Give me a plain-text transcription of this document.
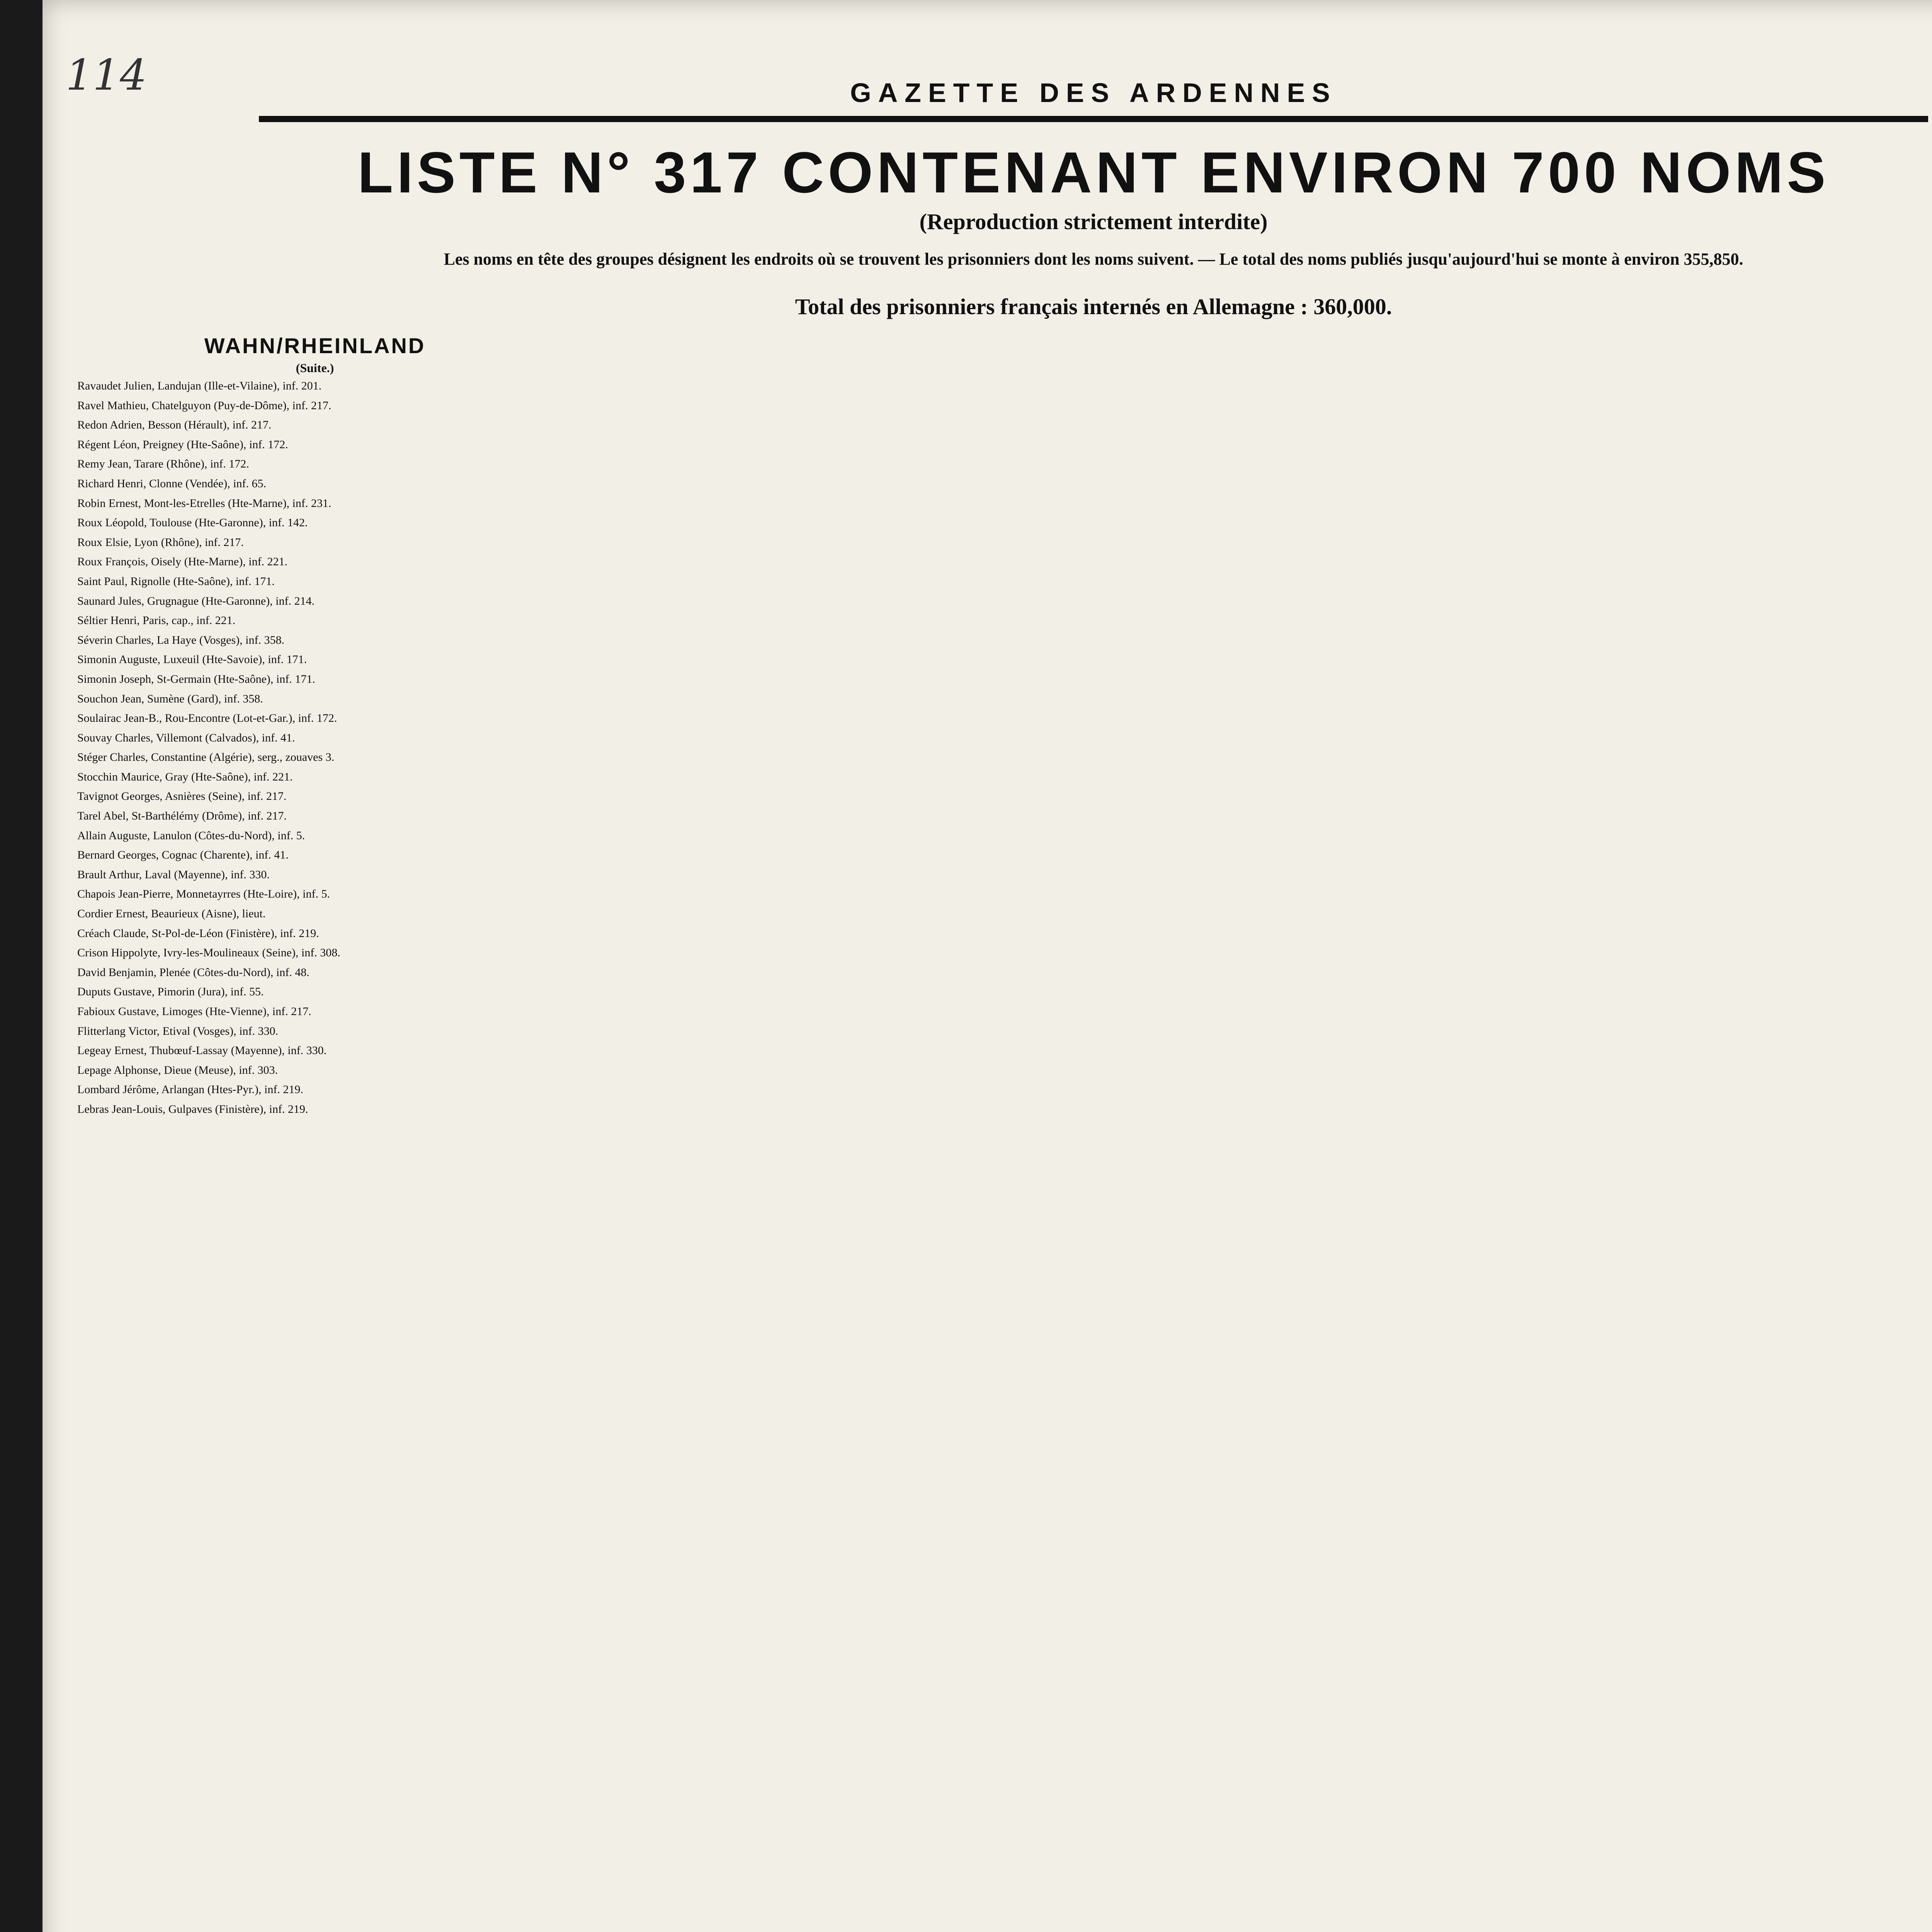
114	GAZETTE DES ARDENNES
LISTE N° 317 CONTENANT ENVIRON 700 NOMS
(Reproduction strictement interdite)
Les noms en tête des groupes désignent les endroits où se trouvent les prisonniers dont les noms suivent. — Le total des noms publiés jusqu'aujourd'hui se monte à environ 355,850.
Total des prisonniers français internés en Allemagne : 360,000.
WAHN/RHEINLAND
(Suite.)
Ravaudet Julien, Landujan (Ille-et-Vilaine), inf. 201.
Ravel Mathieu, Chatelguyon (Puy-de-Dôme), inf. 217.
Redon Adrien, Besson (Hérault), inf. 217.
Régent Léon, Preigney (Hte-Saône), inf. 172.
Remy Jean, Tarare (Rhône), inf. 172.
Richard Henri, Clonne (Vendée), inf. 65.
Robin Ernest, Mont-les-Etrelles (Hte-Marne), inf. 231.
Roux Léopold, Toulouse (Hte-Garonne), inf. 142.
Roux Elsie, Lyon (Rhône), inf. 217.
Roux François, Oisely (Hte-Marne), inf. 221.
Saint Paul, Rignolle (Hte-Saône), inf. 171.
Saunard Jules, Grugnague (Hte-Garonne), inf. 214.
Séltier Henri, Paris, cap., inf. 221.
Séverin Charles, La Haye (Vosges), inf. 358.
Simonin Auguste, Luxeuil (Hte-Savoie), inf. 171.
Simonin Joseph, St-Germain (Hte-Saône), inf. 171.
Souchon Jean, Sumène (Gard), inf. 358.
Soulairac Jean-B., Rou-Encontre (Lot-et-Gar.), inf. 172.
Souvay Charles, Villemont (Calvados), inf. 41.
Stéger Charles, Constantine (Algérie), serg., zouaves 3.
Stocchin Maurice, Gray (Hte-Saône), inf. 221.
Tavignot Georges, Asnières (Seine), inf. 217.
Tarel Abel, St-Barthélémy (Drôme), inf. 217.
Allain Auguste, Lanulon (Côtes-du-Nord), inf. 5.
Bernard Georges, Cognac (Charente), inf. 41.
Brault Arthur, Laval (Mayenne), inf. 330.
Chapois Jean-Pierre, Monnetayrres (Hte-Loire), inf. 5.
Cordier Ernest, Beaurieux (Aisne), lieut.
Créach Claude, St-Pol-de-Léon (Finistère), inf. 219.
Crison Hippolyte, Ivry-les-Moulineaux (Seine), inf. 308.
David Benjamin, Plenée (Côtes-du-Nord), inf. 48.
Duputs Gustave, Pimorin (Jura), inf. 55.
Fabioux Gustave, Limoges (Hte-Vienne), inf. 217.
Flitterlang Victor, Etival (Vosges), inf. 330.
Legeay Ernest, Thubœuf-Lassay (Mayenne), inf. 330.
Lepage Alphonse, Dieue (Meuse), inf. 303.
Lombard Jérôme, Arlangan (Htes-Pyr.), inf. 219.
Lebras Jean-Louis, Gulpaves (Finistère), inf. 219.
